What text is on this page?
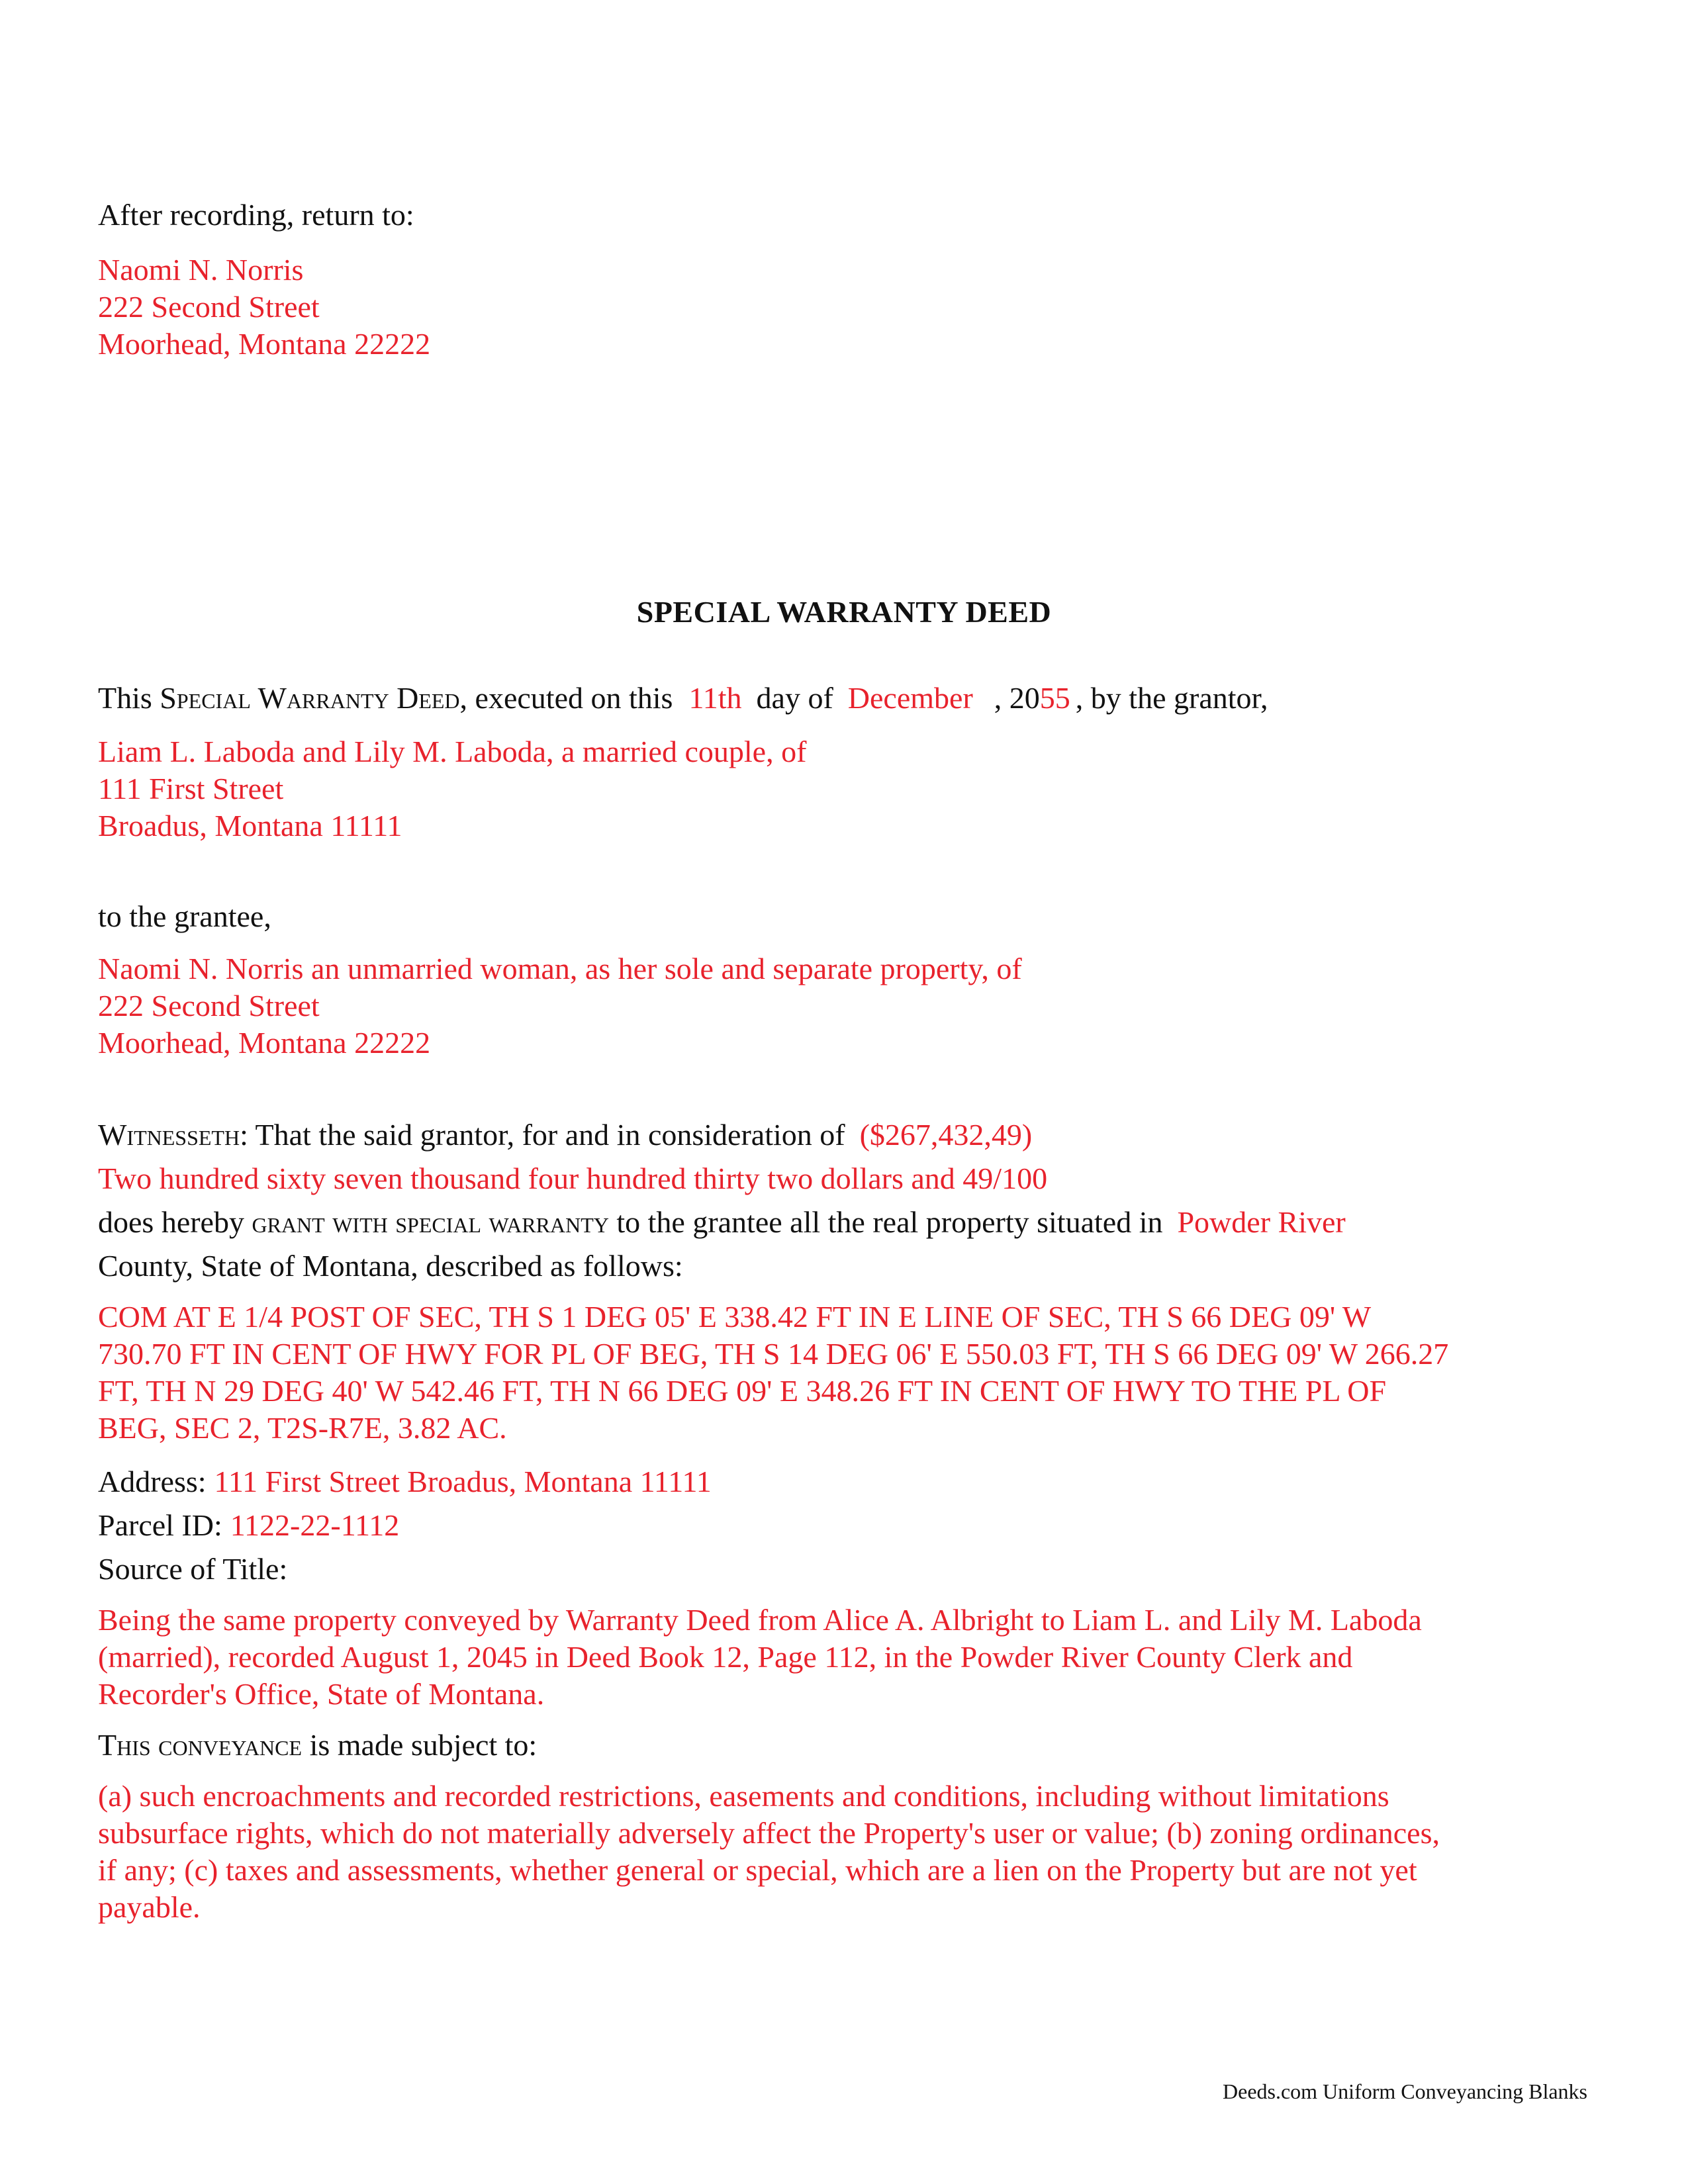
After recording, return to:
Naomi N. Norris
222 Second Street
Moorhead, Montana 22222
SPECIAL WARRANTY DEED
This Special Warranty Deed, executed on this 11th day of December , 2055 , by the grantor,
Liam L. Laboda and Lily M. Laboda, a married couple, of
111 First Street
Broadus, Montana 11111
to the grantee,
Naomi N. Norris an unmarried woman, as her sole and separate property, of
222 Second Street
Moorhead, Montana 22222
Witnesseth: That the said grantor, for and in consideration of ($267,432,49)
Two hundred sixty seven thousand four hundred thirty two dollars and 49/100
does hereby grant with special warranty to the grantee all the real property situated in Powder River
County, State of Montana, described as follows:
COM AT E 1/4 POST OF SEC, TH S 1 DEG 05' E 338.42 FT IN E LINE OF SEC, TH S 66 DEG 09' W
730.70 FT IN CENT OF HWY FOR PL OF BEG, TH S 14 DEG 06' E 550.03 FT, TH S 66 DEG 09' W 266.27
FT, TH N 29 DEG 40' W 542.46 FT, TH N 66 DEG 09' E 348.26 FT IN CENT OF HWY TO THE PL OF
BEG, SEC 2, T2S-R7E, 3.82 AC.
Address: 111 First Street Broadus, Montana 11111
Parcel ID: 1122-22-1112
Source of Title:
Being the same property conveyed by Warranty Deed from Alice A. Albright to Liam L. and Lily M. Laboda
(married), recorded August 1, 2045 in Deed Book 12, Page 112, in the Powder River County Clerk and
Recorder's Office, State of Montana.
This conveyance is made subject to:
(a) such encroachments and recorded restrictions, easements and conditions, including without limitations
subsurface rights, which do not materially adversely affect the Property's user or value; (b) zoning ordinances,
if any; (c) taxes and assessments, whether general or special, which are a lien on the Property but are not yet
payable.
Deeds.com Uniform Conveyancing Blanks
